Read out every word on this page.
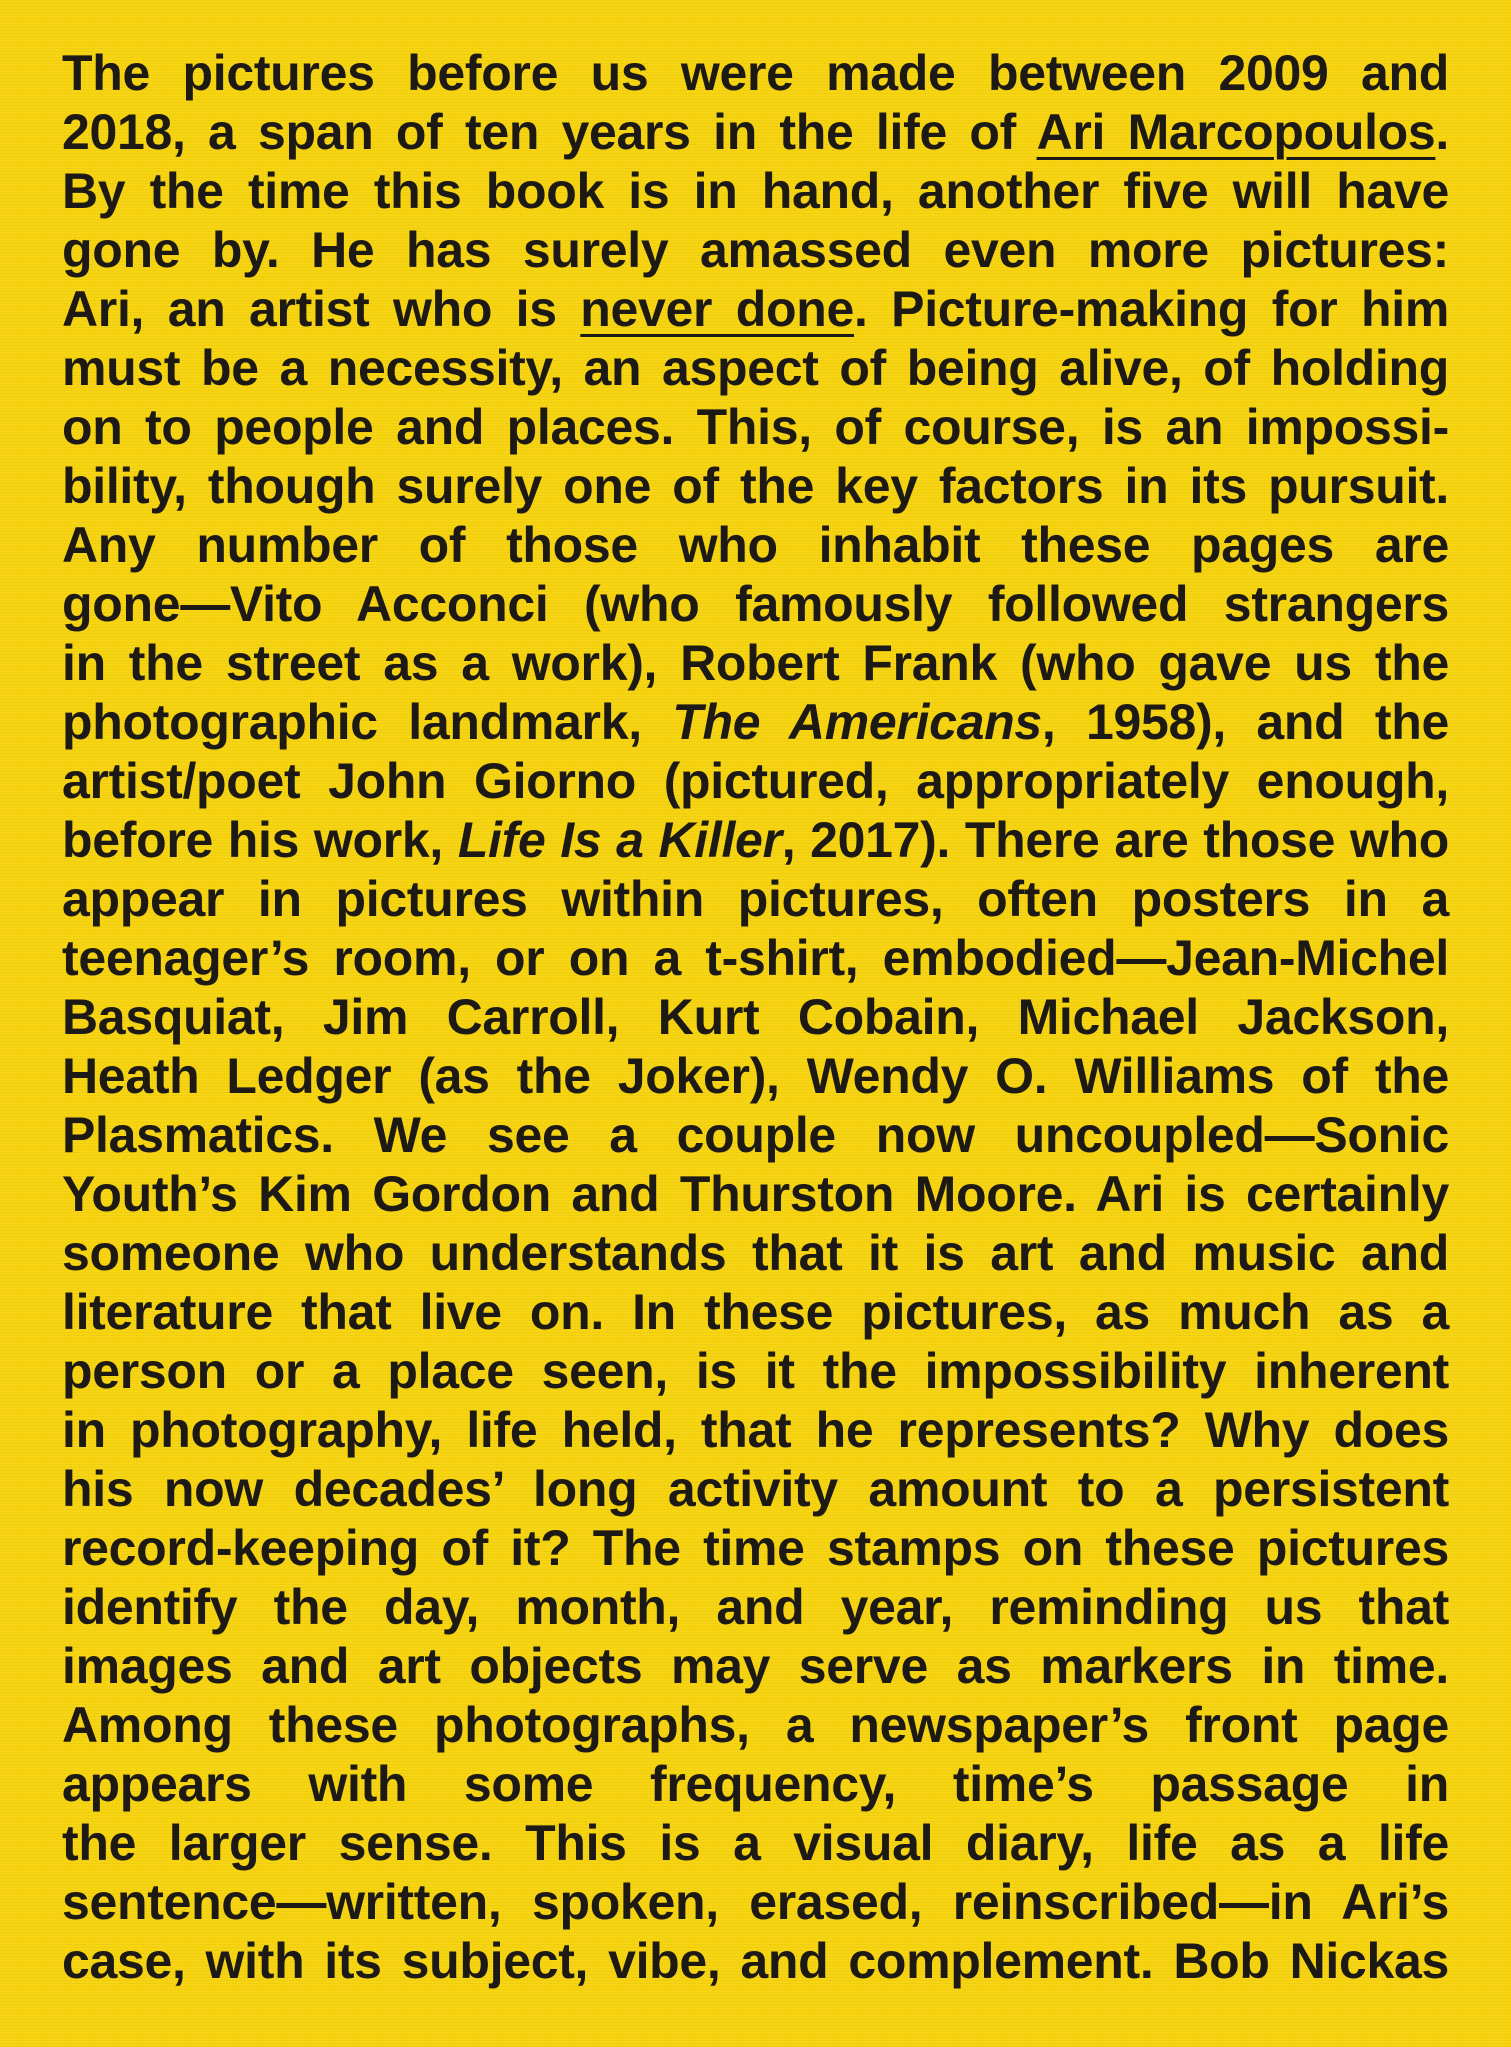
The pictures before us were made between 2009 and
2018, a span of ten years in the life of Ari Marcopoulos.
By the time this book is in hand, another five will have
gone by. He has surely amassed even more pictures:
Ari, an artist who is never done. Picture-making for him
must be a necessity, an aspect of being alive, of holding
on to people and places. This, of course, is an impossi-
bility, though surely one of the key factors in its pursuit.
Any number of those who inhabit these pages are
gone—Vito Acconci (who famously followed strangers
in the street as a work), Robert Frank (who gave us the
photographic landmark, The Americans, 1958), and the
artist/poet John Giorno (pictured, appropriately enough,
before his work, Life Is a Killer, 2017). There are those who
appear in pictures within pictures, often posters in a
teenager’s room, or on a t-shirt, embodied—Jean-Michel
Basquiat, Jim Carroll, Kurt Cobain, Michael Jackson,
Heath Ledger (as the Joker), Wendy O. Williams of the
Plasmatics. We see a couple now uncoupled—Sonic
Youth’s Kim Gordon and Thurston Moore. Ari is certainly
someone who understands that it is art and music and
literature that live on. In these pictures, as much as a
person or a place seen, is it the impossibility inherent
in photography, life held, that he represents? Why does
his now decades’ long activity amount to a persistent
record-keeping of it? The time stamps on these pictures
identify the day, month, and year, reminding us that
images and art objects may serve as markers in time.
Among these photographs, a newspaper’s front page
appears with some frequency, time’s passage in
the larger sense. This is a visual diary, life as a life
sentence—written, spoken, erased, reinscribed—in Ari’s
case, with its subject, vibe, and complement. Bob Nickas
